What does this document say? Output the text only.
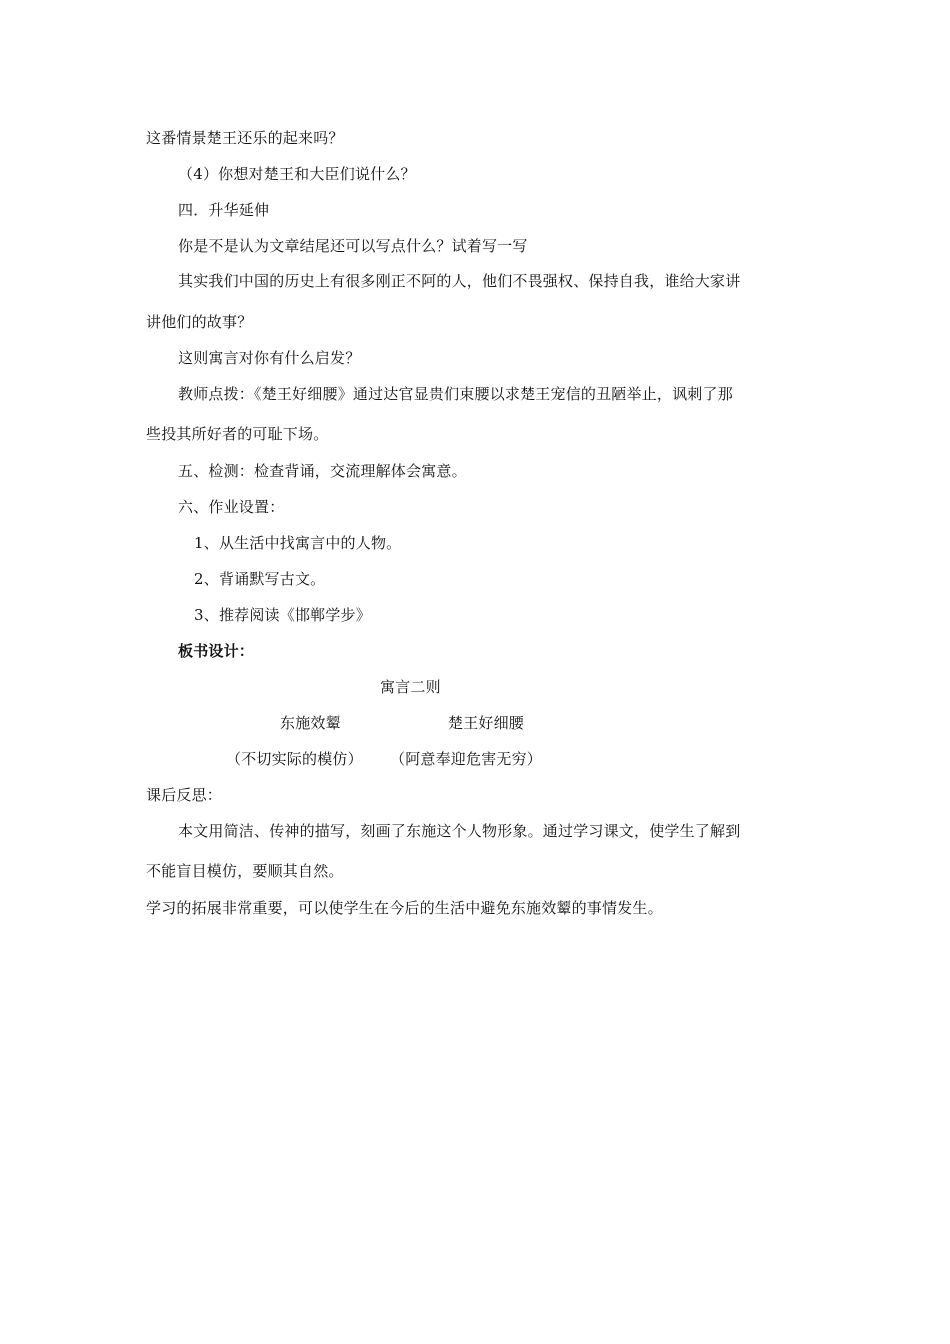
这番情景楚王还乐的起来吗？
（4）你想对楚王和大臣们说什么？
四．升华延伸
你是不是认为文章结尾还可以写点什么？试着写一写
其实我们中国的历史上有很多刚正不阿的人，他们不畏强权、保持自我，谁给大家讲
讲他们的故事？
这则寓言对你有什么启发？
教师点拨：《楚王好细腰》通过达官显贵们束腰以求楚王宠信的丑陋举止，讽刺了那
些投其所好者的可耻下场。
五、检测：检查背诵，交流理解体会寓意。
六、作业设置：
1、从生活中找寓言中的人物。
2、背诵默写古文。
3、推荐阅读《邯郸学步》
板书设计：
寓言二则
东施效颦	楚王好细腰
（不切实际的模仿） （阿意奉迎危害无穷）
课后反思：
本文用简洁、传神的描写，刻画了东施这个人物形象。通过学习课文，使学生了解到
不能盲目模仿，要顺其自然。
学习的拓展非常重要，可以使学生在今后的生活中避免东施效颦的事情发生。
